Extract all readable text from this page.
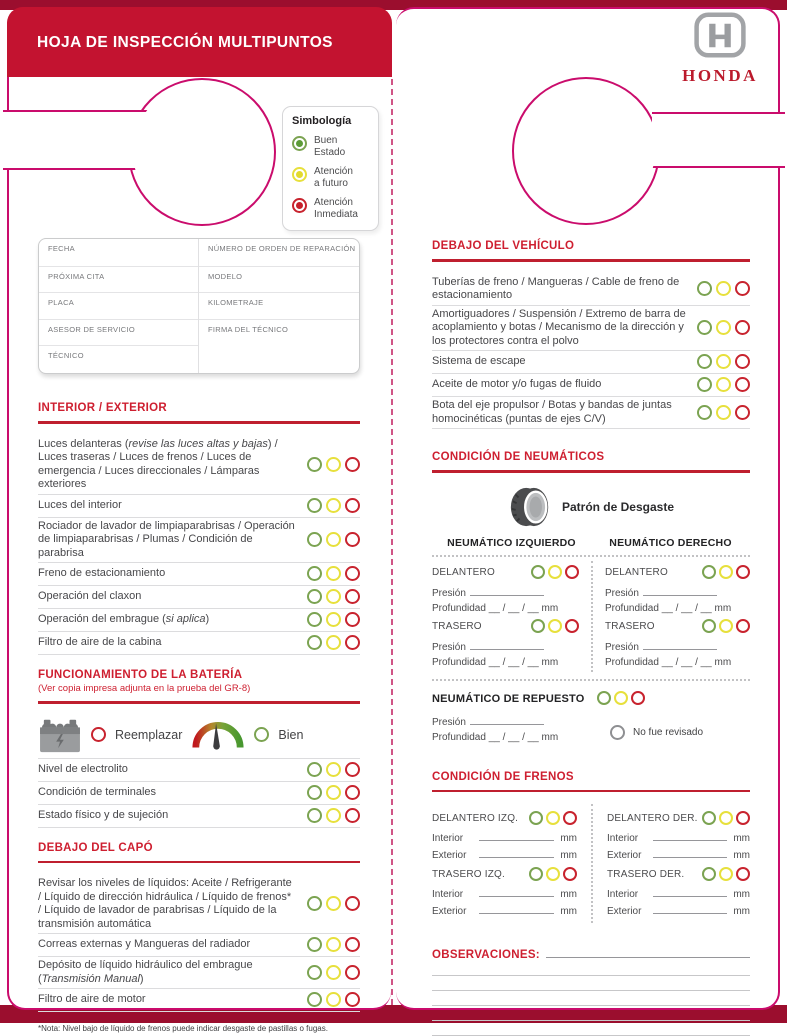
HOJA DE INSPECCIÓN MULTIPUNTOS
HONDA
Simbología
Buen
Estado
Atención
a futuro
Atención
Inmediata
FECHA
PRÓXIMA CITA
PLACA
ASESOR DE SERVICIO
TÉCNICO
NÚMERO DE ORDEN DE REPARACIÓN
MODELO
KILOMETRAJE
FIRMA DEL TÉCNICO
INTERIOR / EXTERIOR
Luces delanteras (revise las luces altas y bajas) / Luces traseras / Luces de frenos / Luces de emergencia / Luces direccionales / Lámparas exteriores
Luces del interior
Rociador de lavador de limpiaparabrisas / Operación de limpiaparabrisas / Plumas / Condición de parabrisa
Freno de estacionamiento
Operación del claxon
Operación del embrague (si aplica)
Filtro de aire de la cabina
FUNCIONAMIENTO DE LA BATERÍA
(Ver copia impresa adjunta en la prueba del GR-8)
Reemplazar	Bien
Nivel de electrolito
Condición de terminales
Estado físico y de sujeción
DEBAJO DEL CAPÓ
Revisar los niveles de líquidos: Aceite / Refrigerante / Líquido de dirección hidráulica / Líquido de frenos* / Líquido de lavador de parabrisas / Líquido de la transmisión automática
Correas externas y Mangueras del radiador
Depósito de líquido hidráulico del embrague (Transmisión Manual)
Filtro de aire de motor
*Nota: Nivel bajo de líquido de frenos puede indicar desgaste de pastillas o fugas.
DEBAJO DEL VEHÍCULO
Tuberías de freno / Mangueras / Cable de freno de estacionamiento
Amortiguadores / Suspensión / Extremo de barra de acoplamiento y botas / Mecanismo de la dirección y los protectores contra el polvo
Sistema de escape
Aceite de motor y/o fugas de fluido
Bota del eje propulsor / Botas y bandas de juntas homocinéticas (puntas de ejes C/V)
CONDICIÓN DE NEUMÁTICOS
Patrón de Desgaste
NEUMÁTICO IZQUIERDO	NEUMÁTICO DERECHO
DELANTERO
Presión
Profundidad __ / __ / __ mm
TRASERO
Presión
Profundidad __ / __ / __ mm
DELANTERO
Presión
Profundidad __ / __ / __ mm
TRASERO
Presión
Profundidad __ / __ / __ mm
NEUMÁTICO DE REPUESTO
Presión
Profundidad __ / __ / __ mm	No fue revisado
CONDICIÓN DE FRENOS
DELANTERO IZQ.
Interior	mm
Exterior	mm
TRASERO IZQ.
Interior	mm
Exterior	mm
DELANTERO DER.
Interior	mm
Exterior	mm
TRASERO DER.
Interior	mm
Exterior	mm
OBSERVACIONES:
